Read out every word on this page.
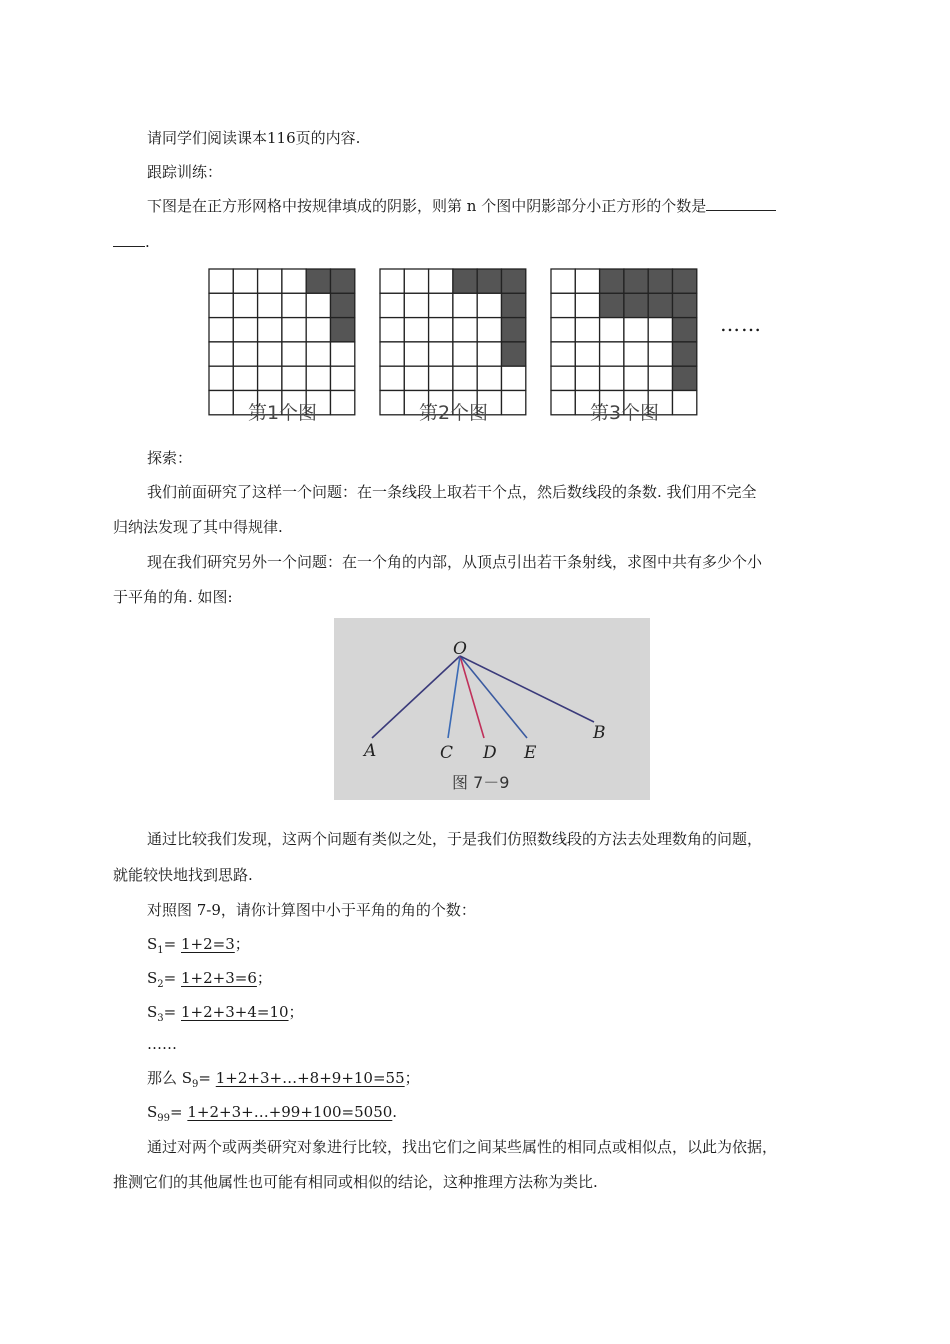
请同学们阅读课本116页的内容.
跟踪训练：
下图是在正方形网格中按规律填成的阴影，则第 n 个图中阴影部分小正方形的个数是
.
第1个图	第2个图	第3个图
……
探索：
我们前面研究了这样一个问题：在一条线段上取若干个点，然后数线段的条数. 我们用不完全
归纳法发现了其中得规律.
现在我们研究另外一个问题：在一个角的内部，从顶点引出若干条射线，求图中共有多少个小
于平角的角. 如图:
O
A	C D E
B
图 7－9
通过比较我们发现，这两个问题有类似之处，于是我们仿照数线段的方法去处理数角的问题，
就能较快地找到思路.
对照图 7-9，请你计算图中小于平角的角的个数：
$S_1= 1+2=3$；
$S_2= 1+2+3=6$；
$S_3= 1+2+3+4=10$；
……
那么 $S_9=$ 1+2+3+…+8+9+10=55；
$S_{99}=$ 1+2+3+…+99+100=5050.
通过对两个或两类研究对象进行比较，找出它们之间某些属性的相同点或相似点，以此为依据，
推测它们的其他属性也可能有相同或相似的结论，这种推理方法称为类比.
